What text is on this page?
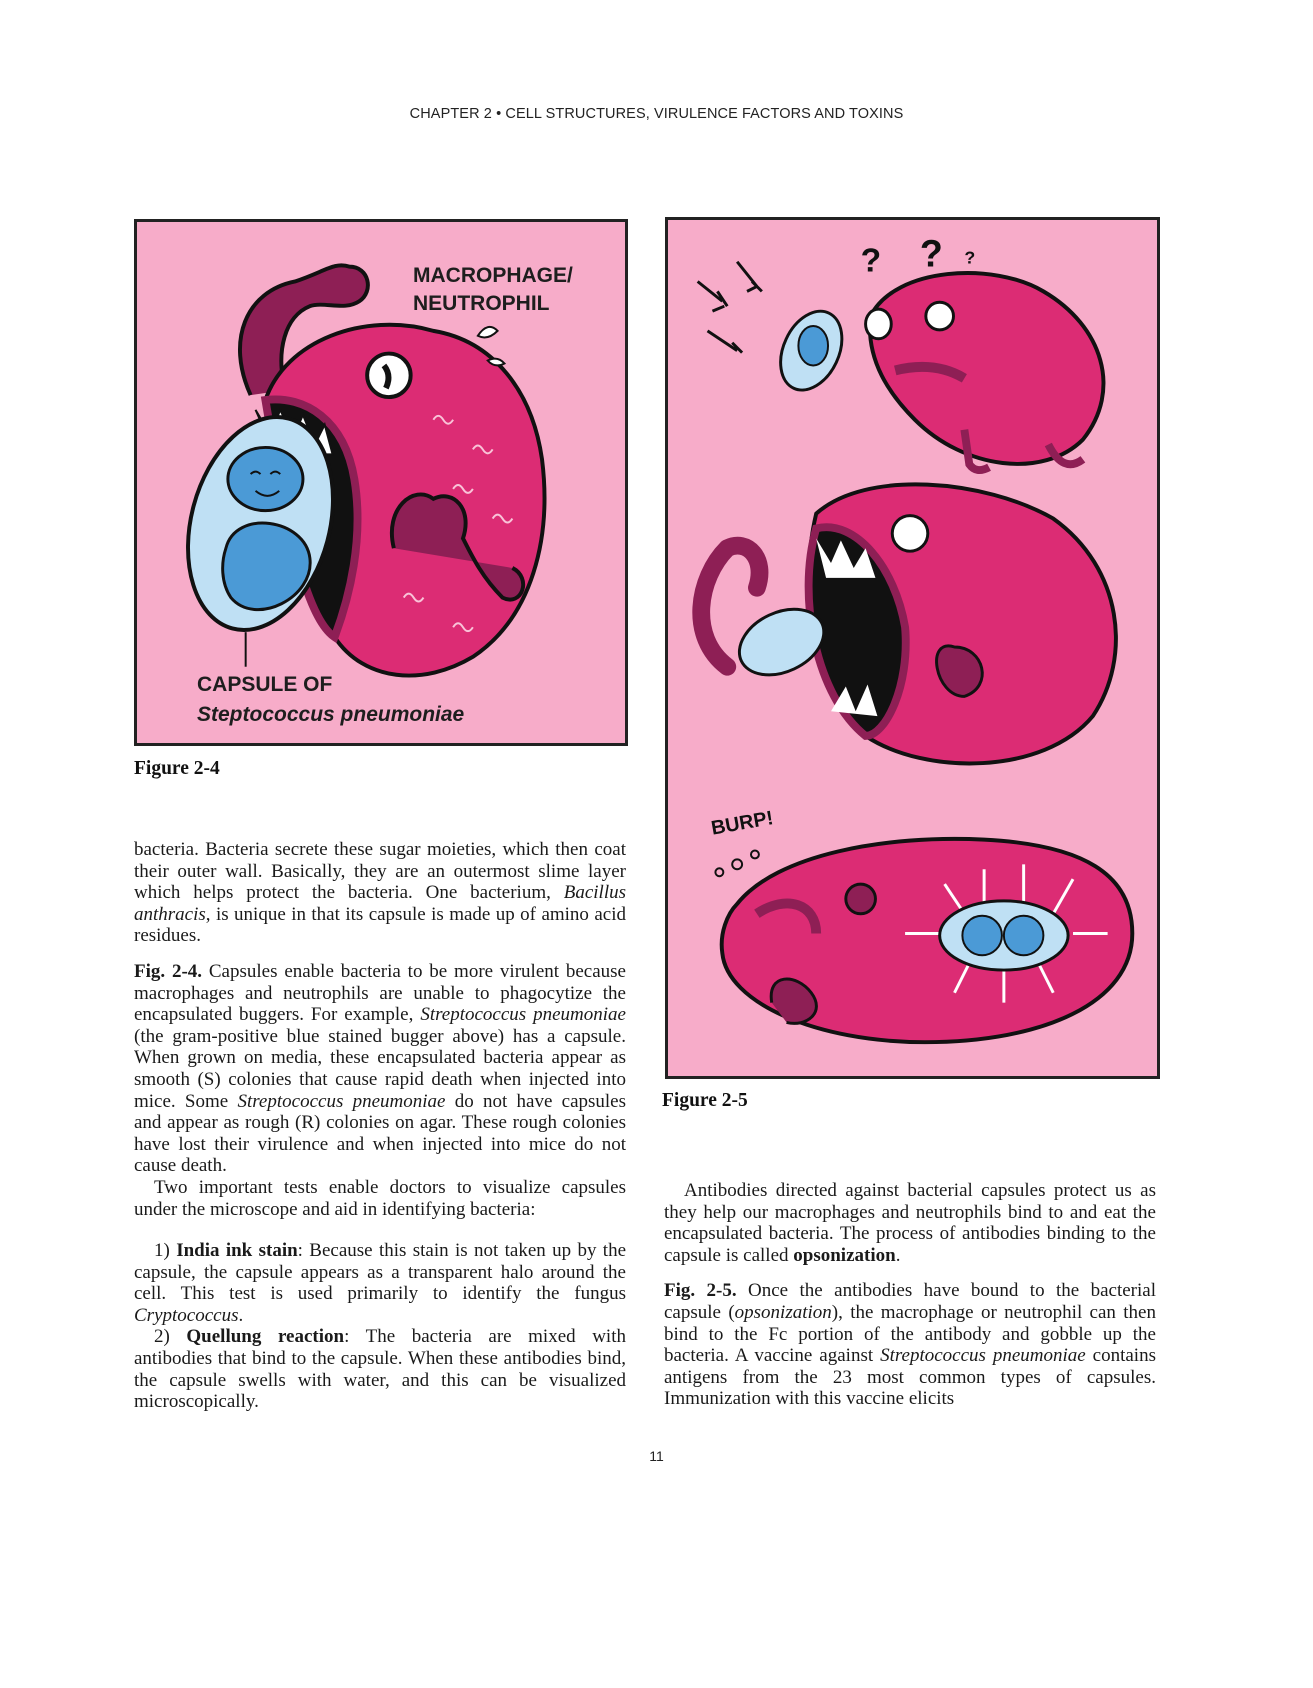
CHAPTER 2 • CELL STRUCTURES, VIRULENCE FACTORS AND TOXINS
MACROPHAGE/
NEUTROPHIL
CAPSULE OF
Steptococcus pneumoniae
Figure 2-4
? ? ?
BURP!
Figure 2-5

bacteria. Bacteria secrete these sugar moieties, which then coat their outer wall. Basically, they are an outermost slime layer which helps protect the bacteria. One bacterium, Bacillus anthracis, is unique in that its capsule is made up of amino acid residues.

Fig. 2-4. Capsules enable bacteria to be more virulent because macrophages and neutrophils are unable to phagocytize the encapsulated buggers. For example, Streptococcus pneumoniae (the gram-positive blue stained bugger above) has a capsule. When grown on media, these encapsulated bacteria appear as smooth (S) colonies that cause rapid death when injected into mice. Some Streptococcus pneumoniae do not have capsules and appear as rough (R) colonies on agar. These rough colonies have lost their virulence and when injected into mice do not cause death.

Two important tests enable doctors to visualize capsules under the microscope and aid in identifying bacteria:

1) India ink stain: Because this stain is not taken up by the capsule, the capsule appears as a transparent halo around the cell. This test is used primarily to identify the fungus Cryptococcus.

2) Quellung reaction: The bacteria are mixed with antibodies that bind to the capsule. When these antibodies bind, the capsule swells with water, and this can be visualized microscopically.

Antibodies directed against bacterial capsules protect us as they help our macrophages and neutrophils bind to and eat the encapsulated bacteria. The process of antibodies binding to the capsule is called opsonization.

Fig. 2-5. Once the antibodies have bound to the bacterial capsule (opsonization), the macrophage or neutrophil can then bind to the Fc portion of the antibody and gobble up the bacteria. A vaccine against Streptococcus pneumoniae contains antigens from the 23 most common types of capsules. Immunization with this vaccine elicits

11
